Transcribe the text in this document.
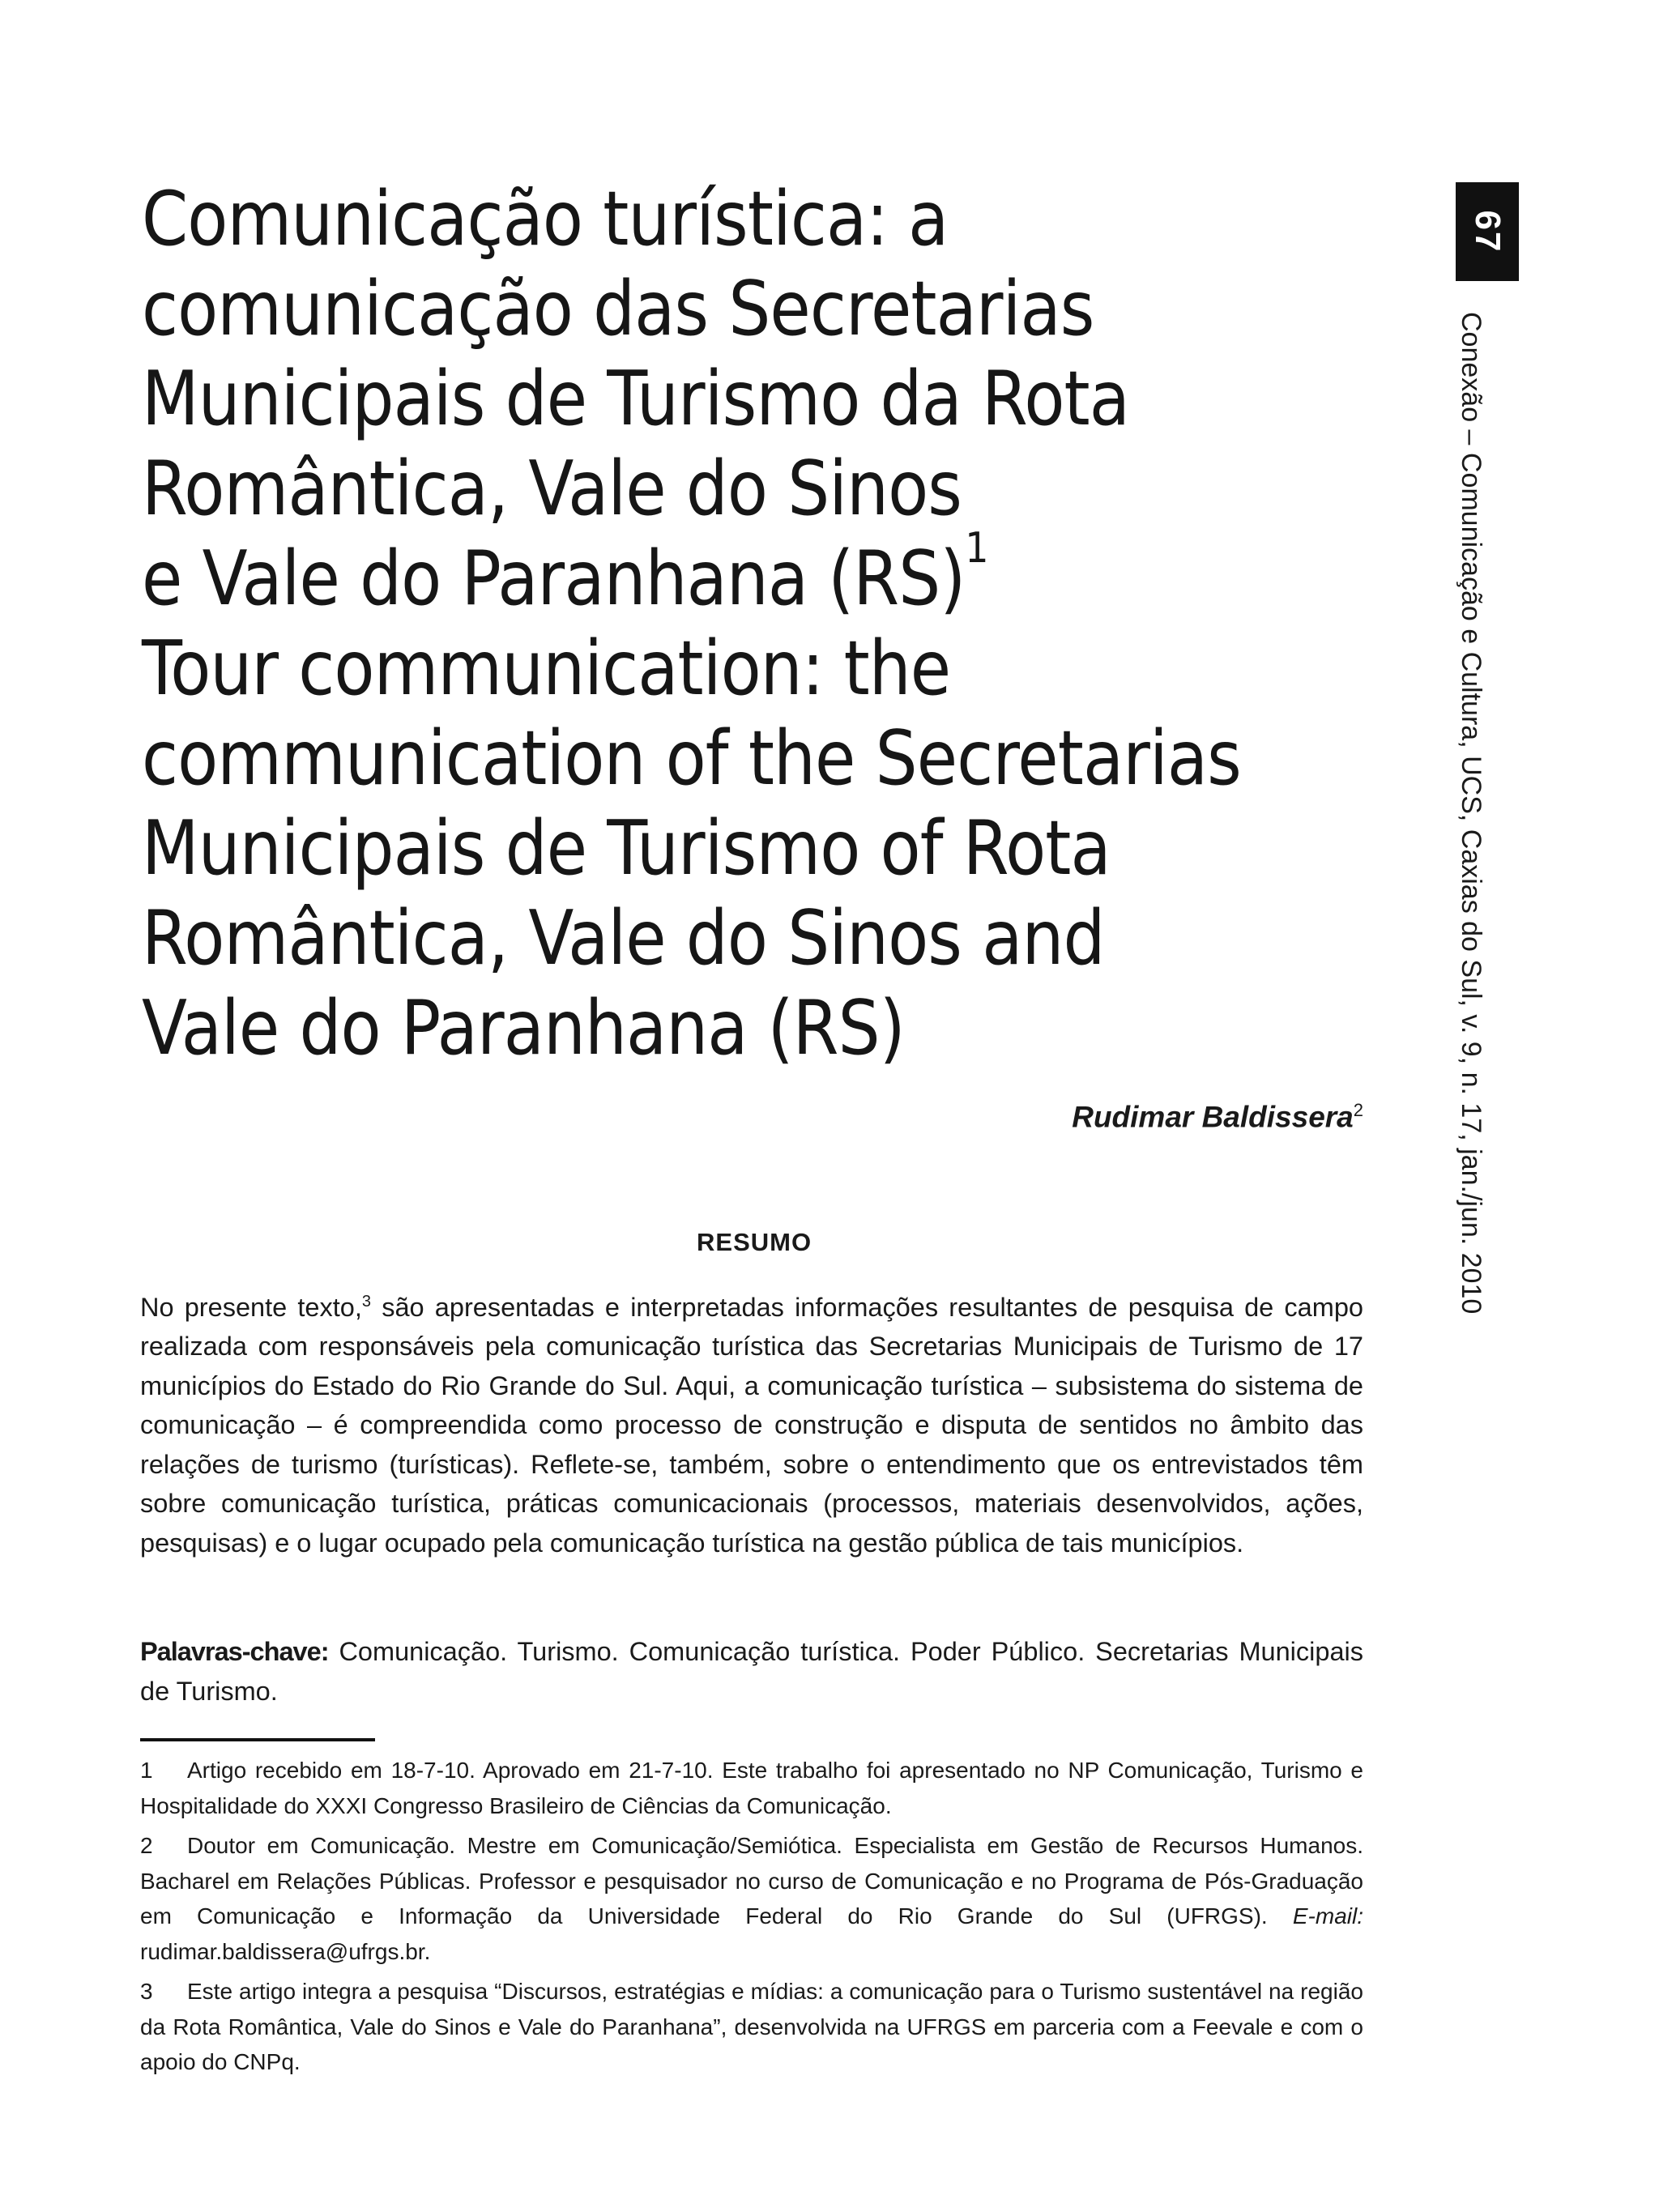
Comunicação turística: a
comunicação das Secretarias
Municipais de Turismo da Rota
Romântica, Vale do Sinos
e Vale do Paranhana (RS)$^1$
Tour communication: the
communication of the Secretarias
Municipais de Turismo of Rota
Romântica, Vale do Sinos and
Vale do Paranhana (RS)
Rudimar Baldissera$^2$
RESUMO

No presente texto,$^3$ são apresentadas e interpretadas informações resultantes de pesquisa de campo realizada com responsáveis pela comunicação turística das Secretarias Municipais de Turismo de 17 municípios do Estado do Rio Grande do Sul. Aqui, a comunicação turística – subsistema do sistema de comunicação – é compreendida como processo de construção e disputa de sentidos no âmbito das relações de turismo (turísticas). Reflete-se, também, sobre o entendimento que os entrevistados têm sobre comunicação turística, práticas comunicacionais (processos, materiais desenvolvidos, ações, pesquisas) e o lugar ocupado pela comunicação turística na gestão pública de tais municípios.

Palavras-chave: Comunicação. Turismo. Comunicação turística. Poder Público. Secretarias Municipais de Turismo.

1 Artigo recebido em 18-7-10. Aprovado em 21-7-10. Este trabalho foi apresentado no NP Comunicação, Turismo e Hospitalidade do XXXI Congresso Brasileiro de Ciências da Comunicação.

2 Doutor em Comunicação. Mestre em Comunicação/Semiótica. Especialista em Gestão de Recursos Humanos. Bacharel em Relações Públicas. Professor e pesquisador no curso de Comunicação e no Programa de Pós-Graduação em Comunicação e Informação da Universidade Federal do Rio Grande do Sul (UFRGS). E-mail: rudimar.baldissera@ufrgs.br.

3 Este artigo integra a pesquisa “Discursos, estratégias e mídias: a comunicação para o Turismo sustentável na região da Rota Romântica, Vale do Sinos e Vale do Paranhana”, desenvolvida na UFRGS em parceria com a Feevale e com o apoio do CNPq.

67
Conexão – Comunicação e Cultura, UCS, Caxias do Sul, v. 9, n. 17, jan./jun. 2010
